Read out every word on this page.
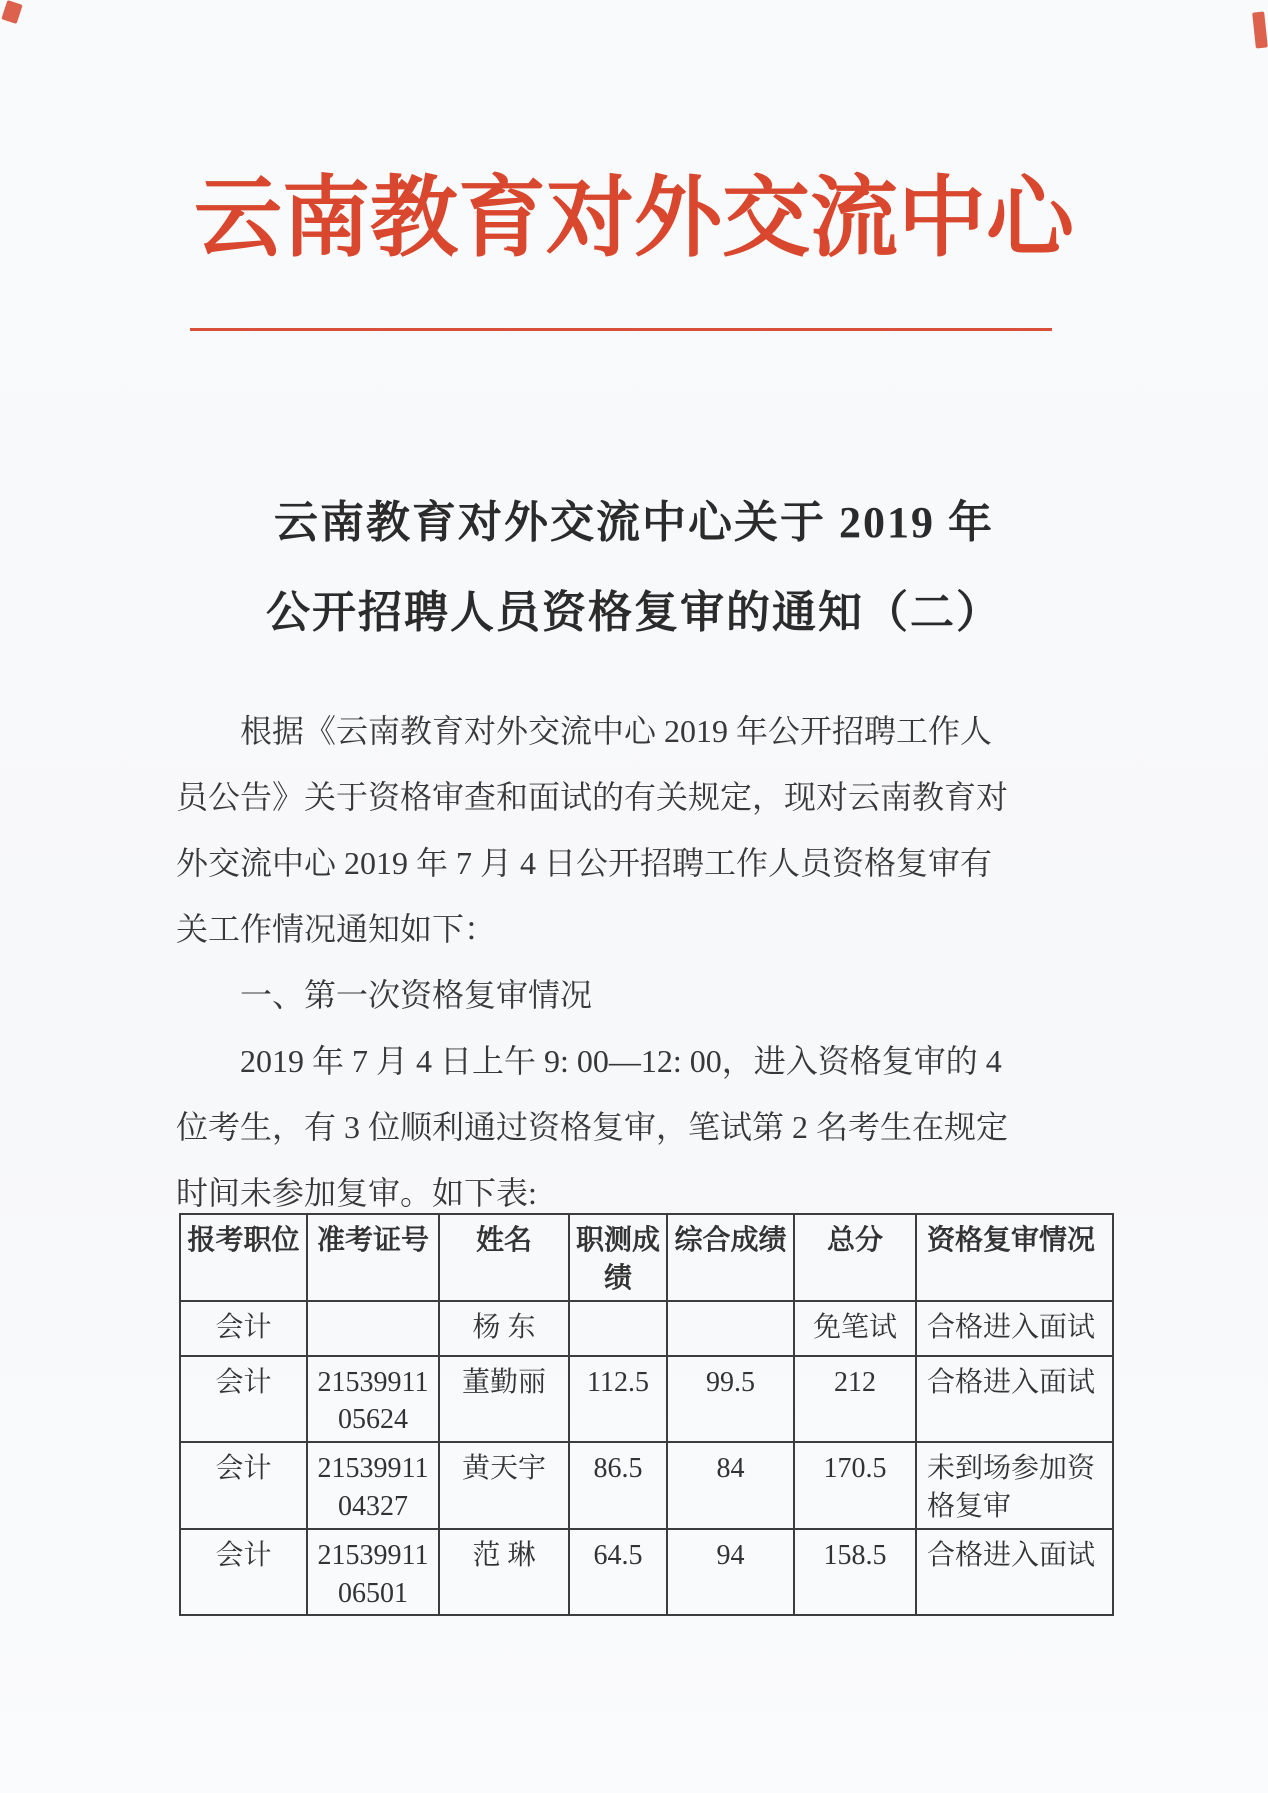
云南教育对外交流中心
云南教育对外交流中心关于 2019 年
公开招聘人员资格复审的通知（二）
根据《云南教育对外交流中心 2019 年公开招聘工作人
员公告》关于资格审查和面试的有关规定，现对云南教育对
外交流中心 2019 年 7 月 4 日公开招聘工作人员资格复审有
关工作情况通知如下：
一、第一次资格复审情况
2019 年 7 月 4 日上午 9: 00—12: 00，进入资格复审的 4
位考生，有 3 位顺利通过资格复审，笔试第 2 名考生在规定
时间未参加复审。如下表:
报考职位	准考证号	姓名	职测成绩	综合成绩	总分	资格复审情况
会计		杨 东			免笔试	合格进入面试
会计	21539911 05624	董勤丽	112.5	99.5	212	合格进入面试
会计	21539911 04327	黄天宇	86.5	84	170.5	未到场参加资格复审
会计	21539911 06501	范 琳	64.5	94	158.5	合格进入面试
